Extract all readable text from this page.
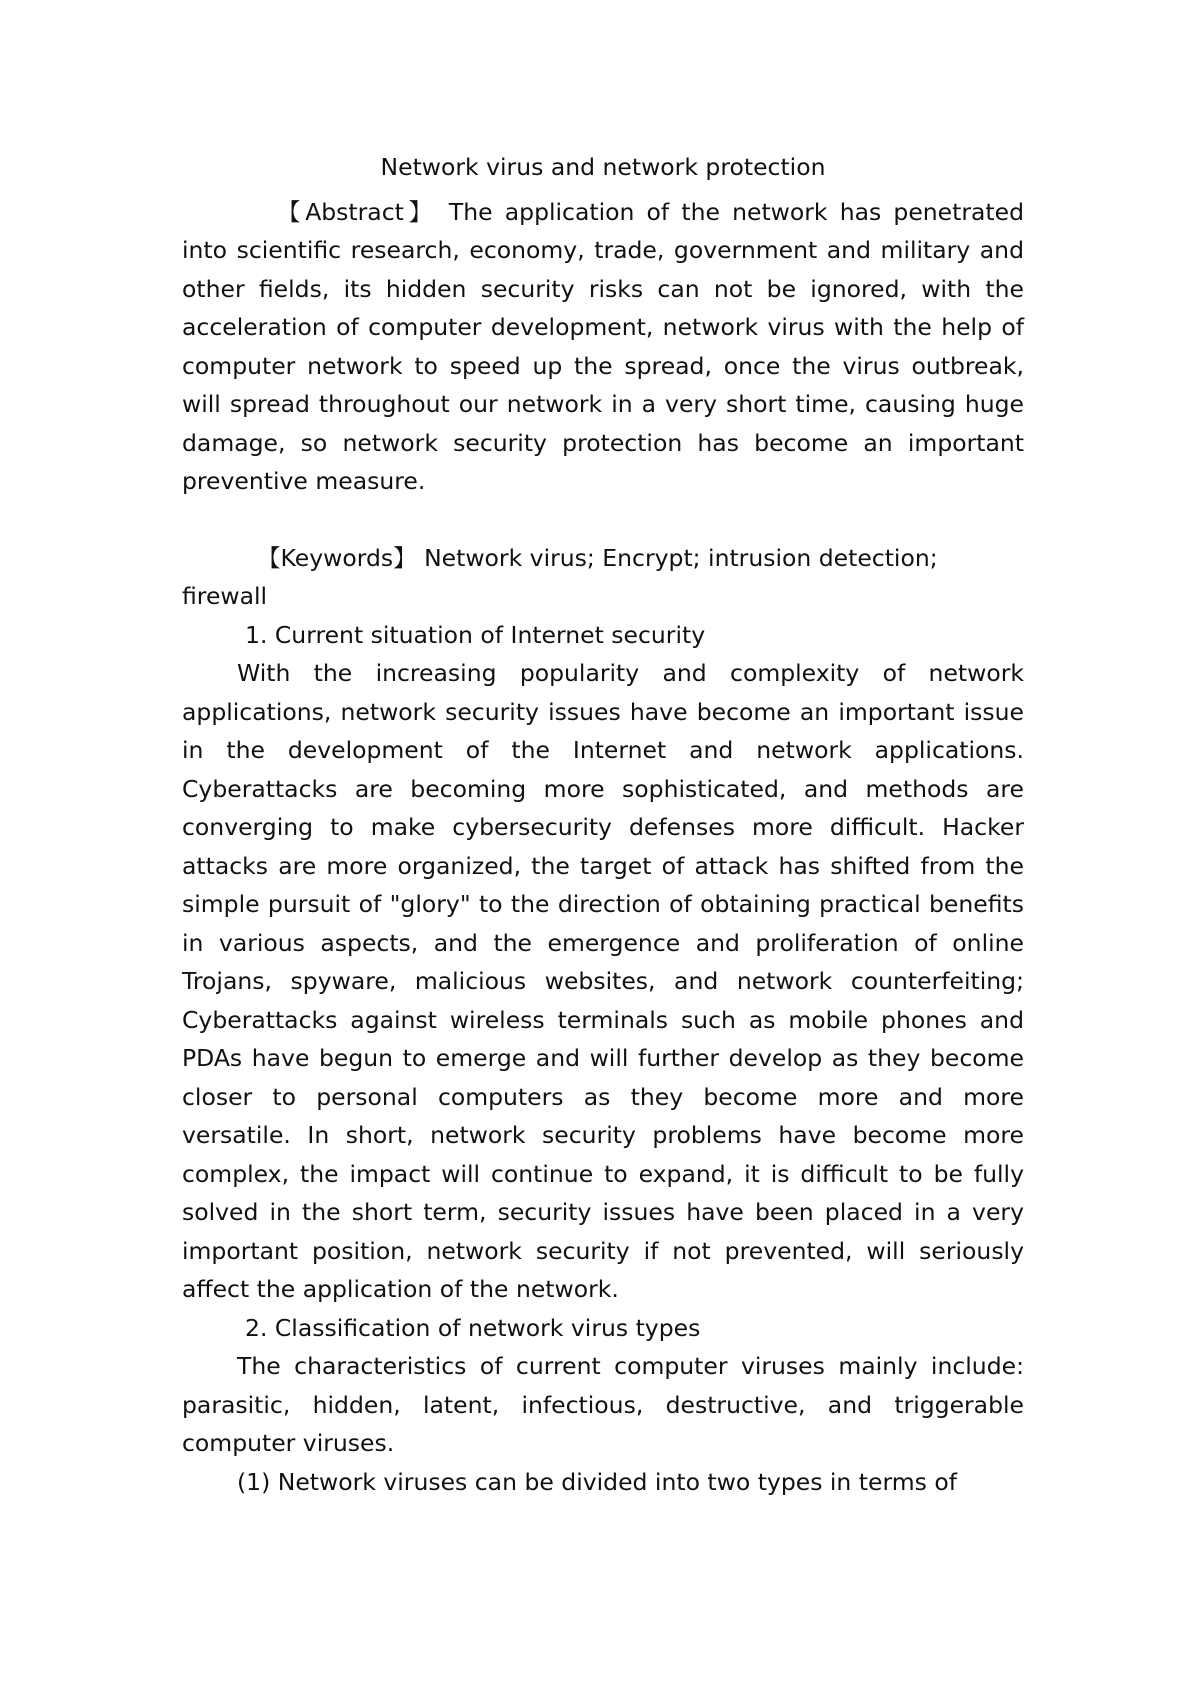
Network virus and network protection

【Abstract】 The application of the network has penetrated into scientific research, economy, trade, government and military and other fields, its hidden security risks can not be ignored, with the acceleration of computer development, network virus with the help of computer network to speed up the spread, once the virus outbreak, will spread throughout our network in a very short time, causing huge damage, so network security protection has become an important preventive measure.

【Keywords】 Network virus; Encrypt; intrusion detection; firewall

1. Current situation of Internet security

With the increasing popularity and complexity of network applications, network security issues have become an important issue in the development of the Internet and network applications. Cyberattacks are becoming more sophisticated, and methods are converging to make cybersecurity defenses more difficult. Hacker attacks are more organized, the target of attack has shifted from the simple pursuit of "glory" to the direction of obtaining practical benefits in various aspects, and the emergence and proliferation of online Trojans, spyware, malicious websites, and network counterfeiting; Cyberattacks against wireless terminals such as mobile phones and PDAs have begun to emerge and will further develop as they become closer to personal computers as they become more and more versatile. In short, network security problems have become more complex, the impact will continue to expand, it is difficult to be fully solved in the short term, security issues have been placed in a very important position, network security if not prevented, will seriously affect the application of the network.

2. Classification of network virus types

The characteristics of current computer viruses mainly include: parasitic, hidden, latent, infectious, destructive, and triggerable computer viruses.

(1) Network viruses can be divided into two types in terms of
